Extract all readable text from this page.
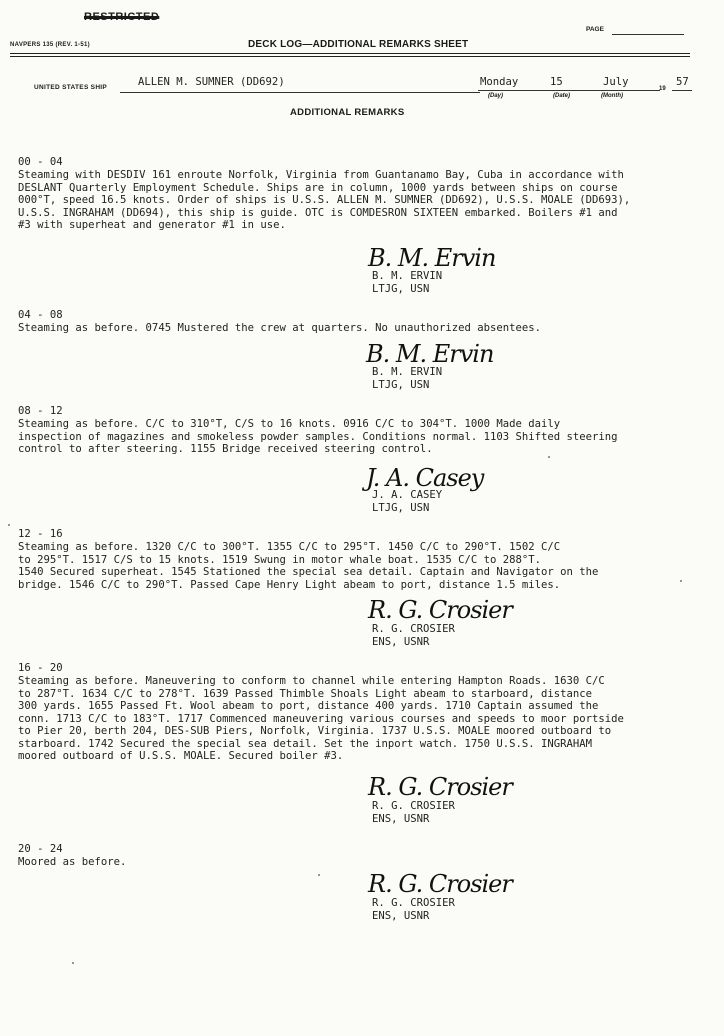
RESTRICTED
PAGE
NAVPERS 135 (REV. 1-51)	DECK LOG—ADDITIONAL REMARKS SHEET
UNITED STATES SHIP	ALLEN M. SUMNER (DD692)	Monday	15	July
19
57
(Day)	(Date)	(Month)
ADDITIONAL REMARKS
00 - 04
Steaming with DESDIV 161 enroute Norfolk, Virginia from Guantanamo Bay, Cuba in accordance with
DESLANT Quarterly Employment Schedule. Ships are in column, 1000 yards between ships on course
000°T, speed 16.5 knots. Order of ships is U.S.S. ALLEN M. SUMNER (DD692), U.S.S. MOALE (DD693),
U.S.S. INGRAHAM (DD694), this ship is guide. OTC is COMDESRON SIXTEEN embarked. Boilers #1 and
#3 with superheat and generator #1 in use.
B. M. Ervin
B. M. ERVIN
LTJG, USN
04 - 08
Steaming as before. 0745 Mustered the crew at quarters. No unauthorized absentees.
B. M. Ervin
B. M. ERVIN
LTJG, USN
08 - 12
Steaming as before. C/C to 310°T, C/S to 16 knots. 0916 C/C to 304°T. 1000 Made daily
inspection of magazines and smokeless powder samples. Conditions normal. 1103 Shifted steering
control to after steering. 1155 Bridge received steering control.
J. A. Casey
J. A. CASEY
LTJG, USN
12 - 16
Steaming as before. 1320 C/C to 300°T. 1355 C/C to 295°T. 1450 C/C to 290°T. 1502 C/C
to 295°T. 1517 C/S to 15 knots. 1519 Swung in motor whale boat. 1535 C/C to 288°T.
1540 Secured superheat. 1545 Stationed the special sea detail. Captain and Navigator on the
bridge. 1546 C/C to 290°T. Passed Cape Henry Light abeam to port, distance 1.5 miles.
R. G. Crosier
R. G. CROSIER
ENS, USNR
16 - 20
Steaming as before. Maneuvering to conform to channel while entering Hampton Roads. 1630 C/C
to 287°T. 1634 C/C to 278°T. 1639 Passed Thimble Shoals Light abeam to starboard, distance
300 yards. 1655 Passed Ft. Wool abeam to port, distance 400 yards. 1710 Captain assumed the
conn. 1713 C/C to 183°T. 1717 Commenced maneuvering various courses and speeds to moor portside
to Pier 20, berth 204, DES-SUB Piers, Norfolk, Virginia. 1737 U.S.S. MOALE moored outboard to
starboard. 1742 Secured the special sea detail. Set the inport watch. 1750 U.S.S. INGRAHAM
moored outboard of U.S.S. MOALE. Secured boiler #3.
R. G. Crosier
R. G. CROSIER
ENS, USNR
20 - 24
Moored as before.
R. G. Crosier
R. G. CROSIER
ENS, USNR
